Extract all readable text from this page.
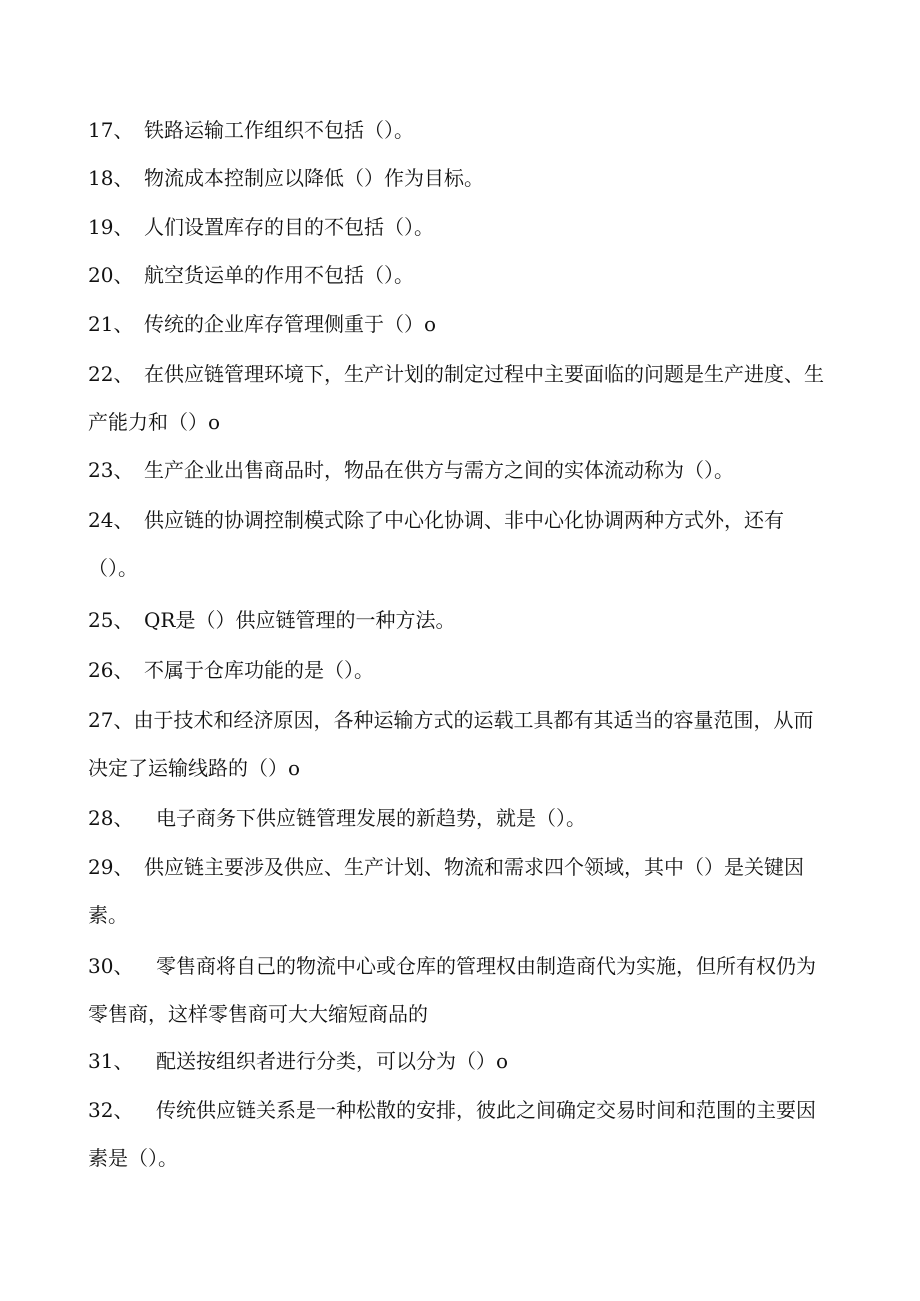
17、 铁路运输工作组织不包括（）。
18、 物流成本控制应以降低（）作为目标。
19、 人们设置库存的目的不包括（）。
20、 航空货运单的作用不包括（）。
21、 传统的企业库存管理侧重于（）o
22、 在供应链管理环境下，生产计划的制定过程中主要面临的问题是生产进度、生产能力和（）o
23、 生产企业出售商品时，物品在供方与需方之间的实体流动称为（）。
24、 供应链的协调控制模式除了中心化协调、非中心化协调两种方式外，还有（）。
25、 QR是（）供应链管理的一种方法。
26、 不属于仓库功能的是（）。
27、由于技术和经济原因，各种运输方式的运载工具都有其适当的容量范围，从而决定了运输线路的（）o
28、 电子商务下供应链管理发展的新趋势，就是（）。
29、 供应链主要涉及供应、生产计划、物流和需求四个领域，其中（）是关键因素。
30、 零售商将自己的物流中心或仓库的管理权由制造商代为实施，但所有权仍为零售商，这样零售商可大大缩短商品的
31、 配送按组织者进行分类，可以分为（）o
32、 传统供应链关系是一种松散的安排，彼此之间确定交易时间和范围的主要因素是（）。
